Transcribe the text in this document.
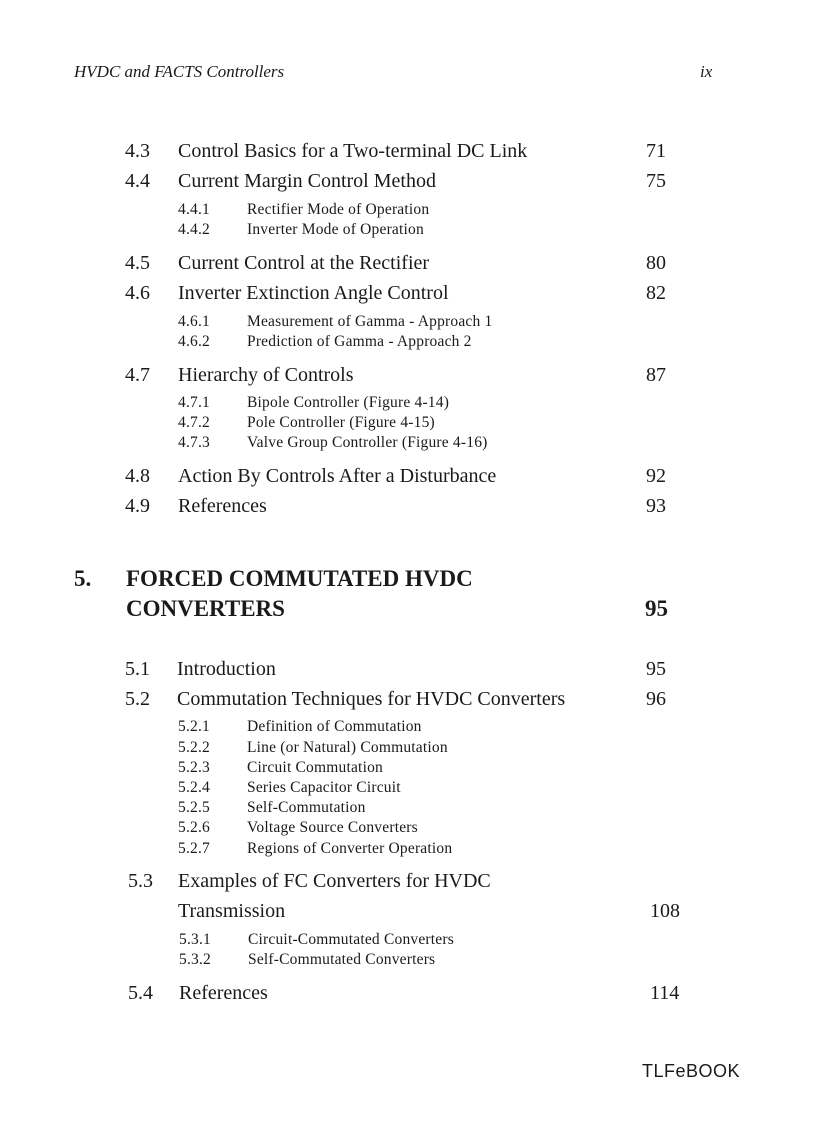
HVDC and FACTS Controllers	ix
4.3 Control Basics for a Two-terminal DC Link	71
4.4 Current Margin Control Method	75
4.4.1 Rectifier Mode of Operation
4.4.2 Inverter Mode of Operation
4.5 Current Control at the Rectifier	80
4.6 Inverter Extinction Angle Control	82
4.6.1 Measurement of Gamma - Approach 1
4.6.2 Prediction of Gamma - Approach 2
4.7 Hierarchy of Controls	87
4.7.1 Bipole Controller (Figure 4-14)
4.7.2 Pole Controller (Figure 4-15)
4.7.3 Valve Group Controller (Figure 4-16)
4.8 Action By Controls After a Disturbance	92
4.9 References	93
5. FORCED COMMUTATED HVDC
CONVERTERS	95
5.1 Introduction	95
5.2 Commutation Techniques for HVDC Converters	96
5.2.1 Definition of Commutation
5.2.2 Line (or Natural) Commutation
5.2.3 Circuit Commutation
5.2.4 Series Capacitor Circuit
5.2.5 Self-Commutation
5.2.6 Voltage Source Converters
5.2.7 Regions of Converter Operation
5.3 Examples of FC Converters for HVDC
Transmission	108
5.3.1 Circuit-Commutated Converters
5.3.2 Self-Commutated Converters
5.4 References	114
TLFeBOOK
